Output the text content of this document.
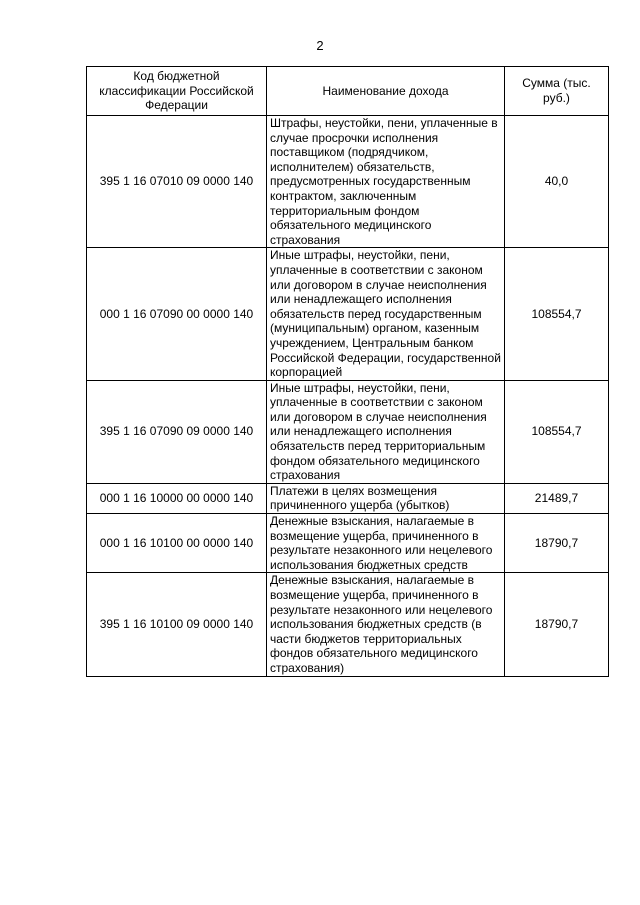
2
Код бюджетной классификации Российской Федерации	Наименование дохода	Сумма (тыс. руб.)
395 1 16 07010 09 0000 140	Штрафы, неустойки, пени, уплаченные в случае просрочки исполнения поставщиком (подрядчиком, исполнителем) обязательств, предусмотренных государственным контрактом, заключенным территориальным фондом обязательного медицинского страхования	40,0
000 1 16 07090 00 0000 140	Иные штрафы, неустойки, пени, уплаченные в соответствии с законом или договором в случае неисполнения или ненадлежащего исполнения обязательств перед государственным (муниципальным) органом, казенным учреждением, Центральным банком Российской Федерации, государственной корпорацией	108554,7
395 1 16 07090 09 0000 140	Иные штрафы, неустойки, пени, уплаченные в соответствии с законом или договором в случае неисполнения или ненадлежащего исполнения обязательств перед территориальным фондом обязательного медицинского страхования	108554,7
000 1 16 10000 00 0000 140	Платежи в целях возмещения причиненного ущерба (убытков)	21489,7
000 1 16 10100 00 0000 140	Денежные взыскания, налагаемые в возмещение ущерба, причиненного в результате незаконного или нецелевого использования бюджетных средств	18790,7
395 1 16 10100 09 0000 140	Денежные взыскания, налагаемые в возмещение ущерба, причиненного в результате незаконного или нецелевого использования бюджетных средств (в части бюджетов территориальных фондов обязательного медицинского страхования)	18790,7
